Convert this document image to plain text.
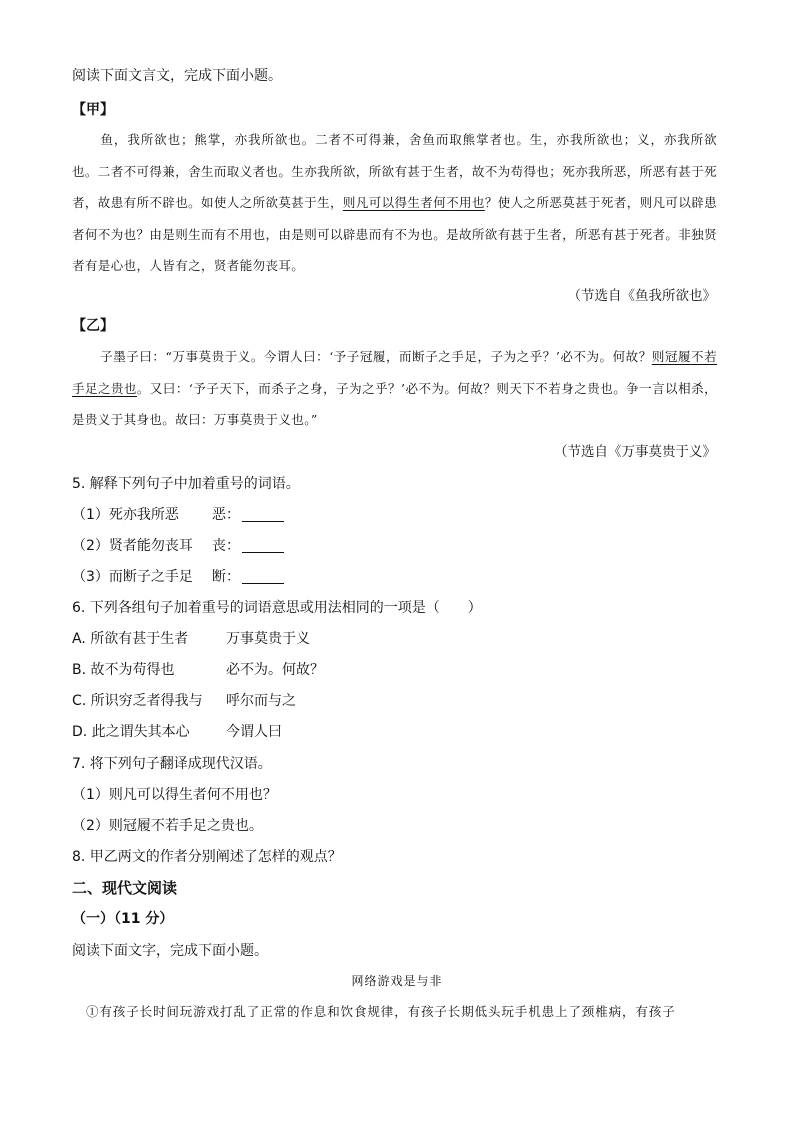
阅读下面文言文，完成下面小题。
【甲】
鱼，我所欲也；熊掌，亦我所欲也。二者不可得兼，舍鱼而取熊掌者也。生，亦我所欲也；义，亦我所欲也。二者不可得兼，舍生而取义者也。生亦我所欲，所欲有甚于生者，故不为苟得也；死亦我所恶，所恶有甚于死者，故患有所不辟也。如使人之所欲莫甚于生，则凡可以得生者何不用也？使人之所恶莫甚于死者，则凡可以辟患者何不为也？由是则生而有不用也，由是则可以辟患而有不为也。是故所欲有甚于生者，所恶有甚于死者。非独贤者有是心也，人皆有之，贤者能勿丧耳。
（节选自《鱼我所欲也》
【乙】
子墨子曰：“万事莫贵于义。今谓人曰：‘予子冠履，而断子之手足，子为之乎？’必不为。何故？则冠履不若手足之贵也。又曰：‘予子天下，而杀子之身，子为之乎？’必不为。何故？则天下不若身之贵也。争一言以相杀，是贵义于其身也。故曰：万事莫贵于义也。”
（节选自《万事莫贵于义》
5. 解释下列句子中加着重号的词语。
（1）死亦我所恶 恶：
（2）贤者能勿丧耳 丧：
（3）而断子之手足 断：
6. 下列各组句子加着重号的词语意思或用法相同的一项是（　　）
A. 所欲有甚于生者	万事莫贵于义
B. 故不为苟得也	必不为。何故？
C. 所识穷乏者得我与 呼尔而与之
D. 此之谓失其本心	今谓人曰
7. 将下列句子翻译成现代汉语。
（1）则凡可以得生者何不用也？
（2）则冠履不若手足之贵也。
8. 甲乙两文的作者分别阐述了怎样的观点？
二、现代文阅读
（一）（11 分）
阅读下面文字，完成下面小题。
网络游戏是与非
①有孩子长时间玩游戏打乱了正常的作息和饮食规律，有孩子长期低头玩手机患上了颈椎病，有孩子
